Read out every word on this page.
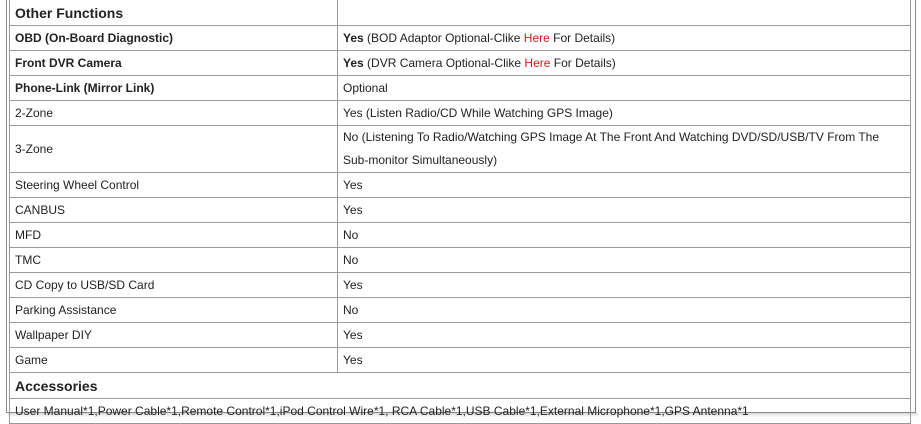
Other Functions	
OBD (On-Board Diagnostic)	Yes (BOD Adaptor Optional-Clike Here For Details)
Front DVR Camera	Yes (DVR Camera Optional-Clike Here For Details)
Phone-Link (Mirror Link)	Optional
2-Zone	Yes (Listen Radio/CD While Watching GPS Image)
3-Zone	No (Listening To Radio/Watching GPS Image At The Front And Watching DVD/SD/USB/TV From The Sub-monitor Simultaneously)
Steering Wheel Control	Yes
CANBUS	Yes
MFD	No
TMC	No
CD Copy to USB/SD Card	Yes
Parking Assistance	No
Wallpaper DIY	Yes
Game	Yes
Accessories	
User Manual*1,Power Cable*1,Remote Control*1,iPod Control Wire*1, RCA Cable*1,USB Cable*1,External Microphone*1,GPS Antenna*1	
